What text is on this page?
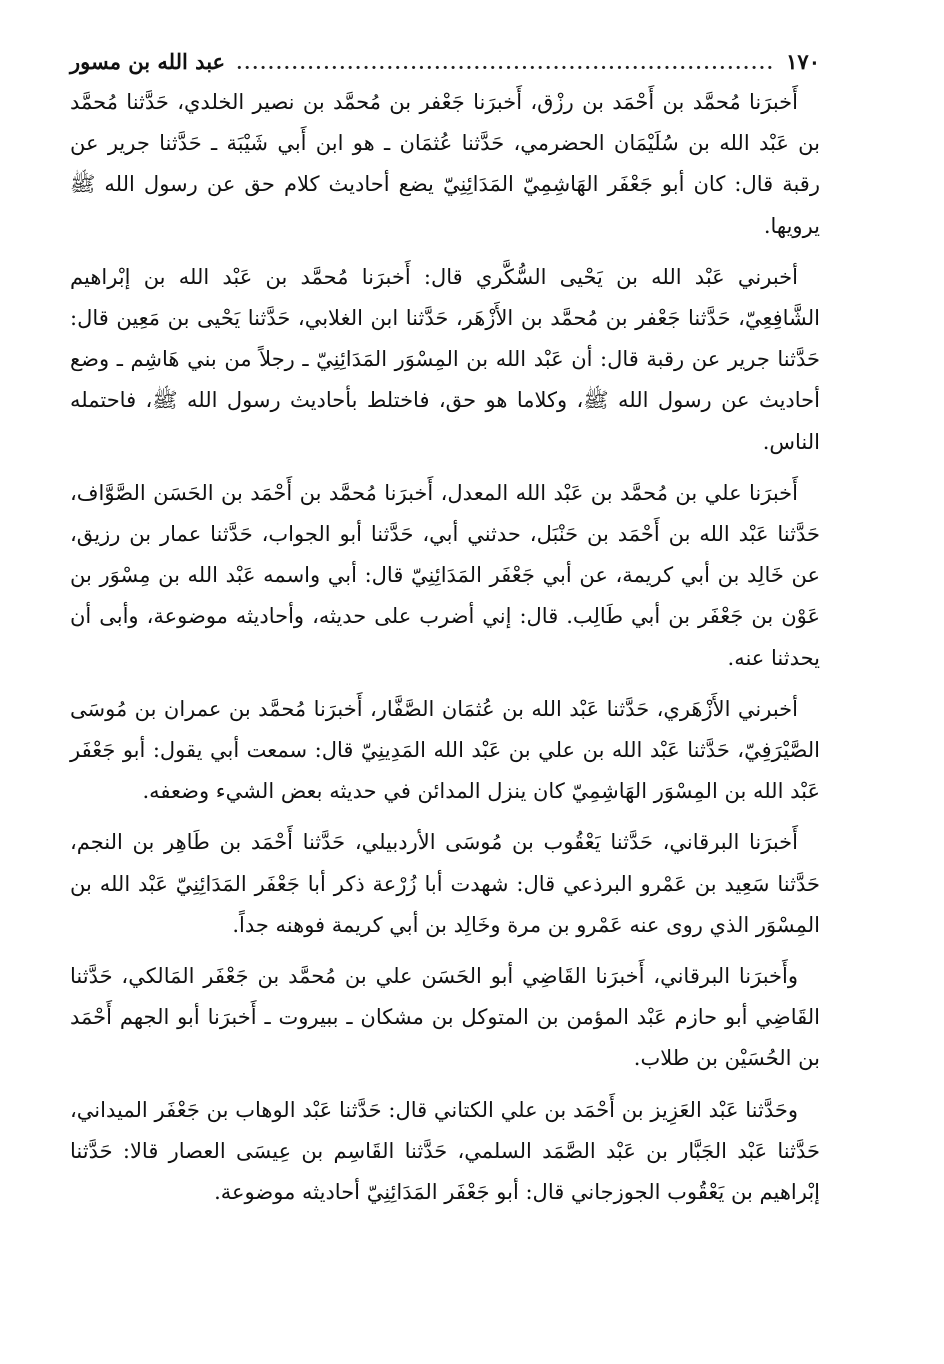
١٧٠
....................................................................
عبد الله بن مسور

أَخبرَنا مُحمَّد بن أَحْمَد بن رزْق، أَخبرَنا جَعْفر بن مُحمَّد بن نصير الخلدي، حَدَّثنا مُحمَّد بن عَبْد الله بن سُلَيْمَان الحضرمي، حَدَّثنا عُثمَان ـ هو ابن أَبي شَيْبَة ـ حَدَّثنا جرير عن رقبة قال: كان أبو جَعْفَر الهَاشِمِيّ المَدَائِنِيّ يضع أحاديث كلام حق عن رسول الله ﷺ يرويها.

أخبرني عَبْد الله بن يَحْيى السُّكَّري قال: أَخبرَنا مُحمَّد بن عَبْد الله بن إبْراهيم الشَّافِعِيّ، حَدَّثنا جَعْفر بن مُحمَّد بن الأَزْهَر، حَدَّثنا ابن الغلابي، حَدَّثنا يَحْيى بن مَعِين قال: حَدَّثنا جرير عن رقبة قال: أن عَبْد الله بن المِسْوَر المَدَائِنِيّ ـ رجلاً من بني هَاشِم ـ وضع أحاديث عن رسول الله ﷺ، وكلاما هو حق، فاختلط بأحاديث رسول الله ﷺ، فاحتمله الناس.

أَخبرَنا علي بن مُحمَّد بن عَبْد الله المعدل، أَخبرَنا مُحمَّد بن أَحْمَد بن الحَسَن الصَّوَّاف، حَدَّثنا عَبْد الله بن أَحْمَد بن حَنْبَل، حدثني أبي، حَدَّثنا أبو الجواب، حَدَّثنا عمار بن رزيق، عن خَالِد بن أبي كريمة، عن أبي جَعْفَر المَدَائِنِيّ قال: أبي واسمه عَبْد الله بن مِسْوَر بن عَوْن بن جَعْفَر بن أبي طَالِب. قال: إني أضرب على حديثه، وأحاديثه موضوعة، وأبى أن يحدثنا عنه.

أخبرني الأَزْهَري، حَدَّثنا عَبْد الله بن عُثمَان الصَّفَّار، أَخبرَنا مُحمَّد بن عمران بن مُوسَى الصَّيْرَفِيّ، حَدَّثنا عَبْد الله بن علي بن عَبْد الله المَدِينِيّ قال: سمعت أبي يقول: أبو جَعْفَر عَبْد الله بن المِسْوَر الهَاشِمِيّ كان ينزل المدائن في حديثه بعض الشيء وضعفه.

أَخبرَنا البرقاني، حَدَّثنا يَعْقُوب بن مُوسَى الأردبيلي، حَدَّثنا أَحْمَد بن طَاهِر بن النجم، حَدَّثنا سَعِيد بن عَمْرو البرذعي قال: شهدت أبا زُرْعة ذكر أبا جَعْفَر المَدَائِنِيّ عَبْد الله بن المِسْوَر الذي روى عنه عَمْرو بن مرة وخَالِد بن أبي كريمة فوهنه جداً.

وأَخبرَنا البرقاني، أَخبرَنا القَاضِي أبو الحَسَن علي بن مُحمَّد بن جَعْفَر المَالكي، حَدَّثنا القَاضِي أبو حازم عَبْد المؤمن بن المتوكل بن مشكان ـ ببيروت ـ أَخبرَنا أبو الجهم أَحْمَد بن الحُسَيْن بن طلاب.

وحَدَّثنا عَبْد العَزِيز بن أَحْمَد بن علي الكتاني قال: حَدَّثنا عَبْد الوهاب بن جَعْفَر الميداني، حَدَّثنا عَبْد الجَبَّار بن عَبْد الصَّمَد السلمي، حَدَّثنا القَاسِم بن عِيسَى العصار قالا: حَدَّثنا إبْراهيم بن يَعْقُوب الجوزجاني قال: أبو جَعْفَر المَدَائِنِيّ أحاديثه موضوعة.
